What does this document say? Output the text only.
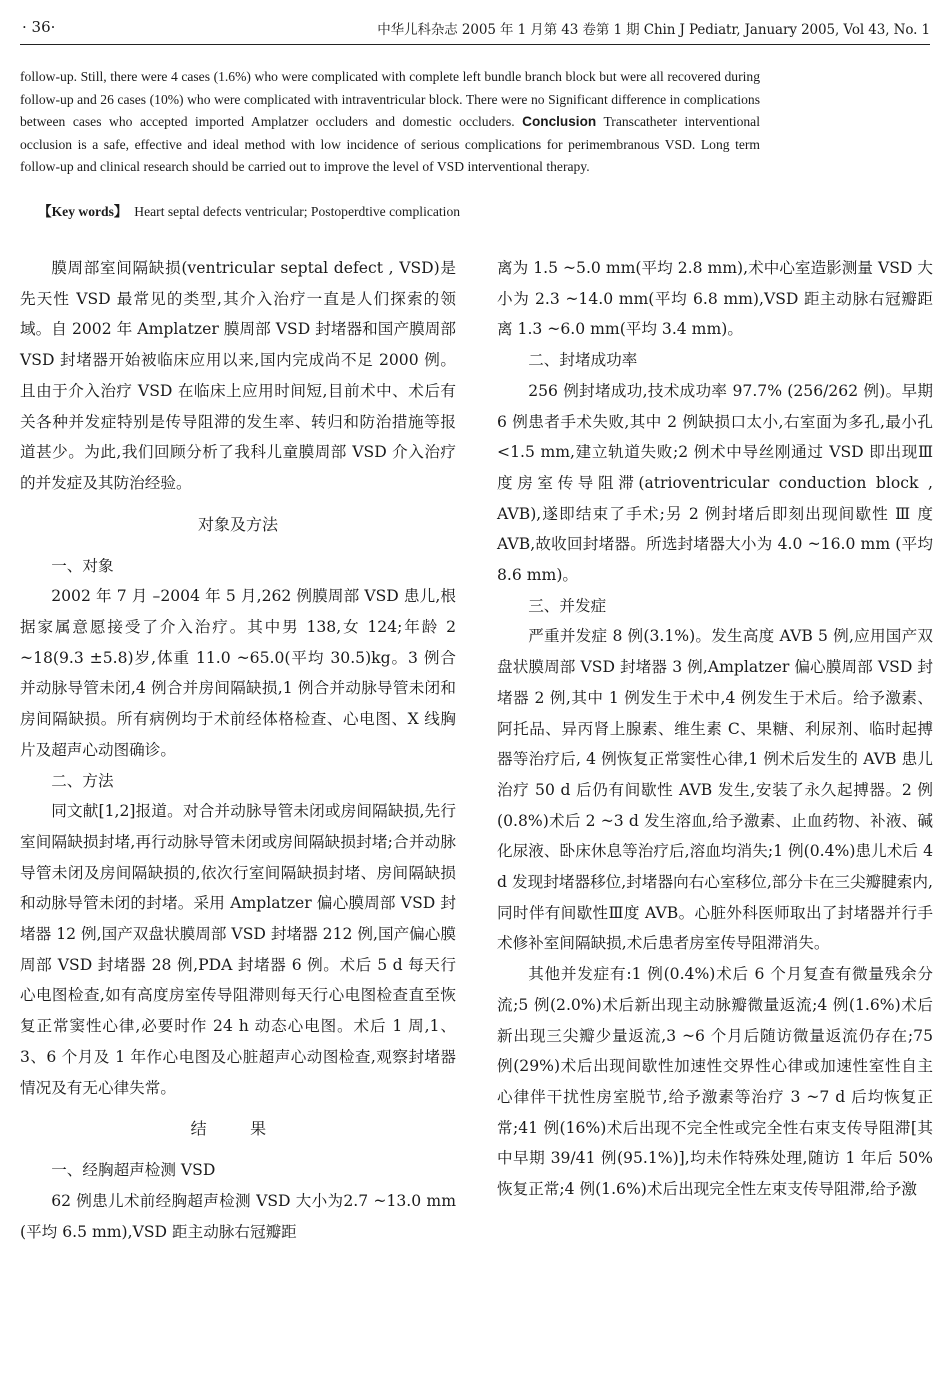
· 36·	中华儿科杂志 2005 年 1 月第 43 卷第 1 期 Chin J Pediatr, January 2005, Vol 43, No. 1
follow-up. Still, there were 4 cases (1.6%) who were complicated with complete left bundle branch block but were all recovered during follow-up and 26 cases (10%) who were complicated with intraventricular block. There were no Significant difference in complications between cases who accepted imported Amplatzer occluders and domestic occluders. Conclusion Transcatheter interventional occlusion is a safe, effective and ideal method with low incidence of serious complications for perimembranous VSD. Long term follow-up and clinical research should be carried out to improve the level of VSD interventional therapy.
【Key words】 Heart septal defects ventricular; Postoperdtive complication

膜周部室间隔缺损(ventricular septal defect , VSD)是先天性 VSD 最常见的类型,其介入治疗一直是人们探索的领域。自 2002 年 Amplatzer 膜周部 VSD 封堵器和国产膜周部 VSD 封堵器开始被临床应用以来,国内完成尚不足 2000 例。且由于介入治疗 VSD 在临床上应用时间短,目前术中、术后有关各种并发症特别是传导阻滞的发生率、转归和防治措施等报道甚少。为此,我们回顾分析了我科儿童膜周部 VSD 介入治疗的并发症及其防治经验。

对象及方法
一、对象

2002 年 7 月 –2004 年 5 月,262 例膜周部 VSD 患儿,根据家属意愿接受了介入治疗。其中男 138,女 124;年龄 2 ~18(9.3 ±5.8)岁,体重 11.0 ~65.0(平均 30.5)kg。3 例合并动脉导管未闭,4 例合并房间隔缺损,1 例合并动脉导管未闭和房间隔缺损。所有病例均于术前经体格检查、心电图、X 线胸片及超声心动图确诊。

二、方法

同文献[1,2]报道。对合并动脉导管未闭或房间隔缺损,先行室间隔缺损封堵,再行动脉导管未闭或房间隔缺损封堵;合并动脉导管未闭及房间隔缺损的,依次行室间隔缺损封堵、房间隔缺损和动脉导管未闭的封堵。采用 Amplatzer 偏心膜周部 VSD 封堵器 12 例,国产双盘状膜周部 VSD 封堵器 212 例,国产偏心膜周部 VSD 封堵器 28 例,PDA 封堵器 6 例。术后 5 d 每天行心电图检查,如有高度房室传导阻滞则每天行心电图检查直至恢复正常窦性心律,必要时作 24 h 动态心电图。术后 1 周,1、3、6 个月及 1 年作心电图及心脏超声心动图检查,观察封堵器情况及有无心律失常。

结 果
一、经胸超声检测 VSD

62 例患儿术前经胸超声检测 VSD 大小为2.7 ~13.0 mm (平均 6.5 mm),VSD 距主动脉右冠瓣距

离为 1.5 ~5.0 mm(平均 2.8 mm),术中心室造影测量 VSD 大小为 2.3 ~14.0 mm(平均 6.8 mm),VSD 距主动脉右冠瓣距离 1.3 ~6.0 mm(平均 3.4 mm)。

二、封堵成功率

256 例封堵成功,技术成功率 97.7% (256/262 例)。早期 6 例患者手术失败,其中 2 例缺损口太小,右室面为多孔,最小孔 <1.5 mm,建立轨道失败;2 例术中导丝刚通过 VSD 即出现Ⅲ度房室传导阻滞(atrioventricular conduction block , AVB),遂即结束了手术;另 2 例封堵后即刻出现间歇性 Ⅲ 度 AVB,故收回封堵器。所选封堵器大小为 4.0 ~16.0 mm (平均 8.6 mm)。

三、并发症

严重并发症 8 例(3.1%)。发生高度 AVB 5 例,应用国产双盘状膜周部 VSD 封堵器 3 例,Amplatzer 偏心膜周部 VSD 封堵器 2 例,其中 1 例发生于术中,4 例发生于术后。给予激素、阿托品、异丙肾上腺素、维生素 C、果糖、利尿剂、临时起搏器等治疗后, 4 例恢复正常窦性心律,1 例术后发生的 AVB 患儿治疗 50 d 后仍有间歇性 AVB 发生,安装了永久起搏器。2 例(0.8%)术后 2 ~3 d 发生溶血,给予激素、止血药物、补液、碱化尿液、卧床休息等治疗后,溶血均消失;1 例(0.4%)患儿术后 4 d 发现封堵器移位,封堵器向右心室移位,部分卡在三尖瓣腱索内,同时伴有间歇性Ⅲ度 AVB。心脏外科医师取出了封堵器并行手术修补室间隔缺损,术后患者房室传导阻滞消失。

其他并发症有:1 例(0.4%)术后 6 个月复查有微量残余分流;5 例(2.0%)术后新出现主动脉瓣微量返流;4 例(1.6%)术后新出现三尖瓣少量返流,3 ~6 个月后随访微量返流仍存在;75 例(29%)术后出现间歇性加速性交界性心律或加速性室性自主心律伴干扰性房室脱节,给予激素等治疗 3 ~7 d 后均恢复正常;41 例(16%)术后出现不完全性或完全性右束支传导阻滞[其中早期 39/41 例(95.1%)],均未作特殊处理,随访 1 年后 50% 恢复正常;4 例(1.6%)术后出现完全性左束支传导阻滞,给予激
